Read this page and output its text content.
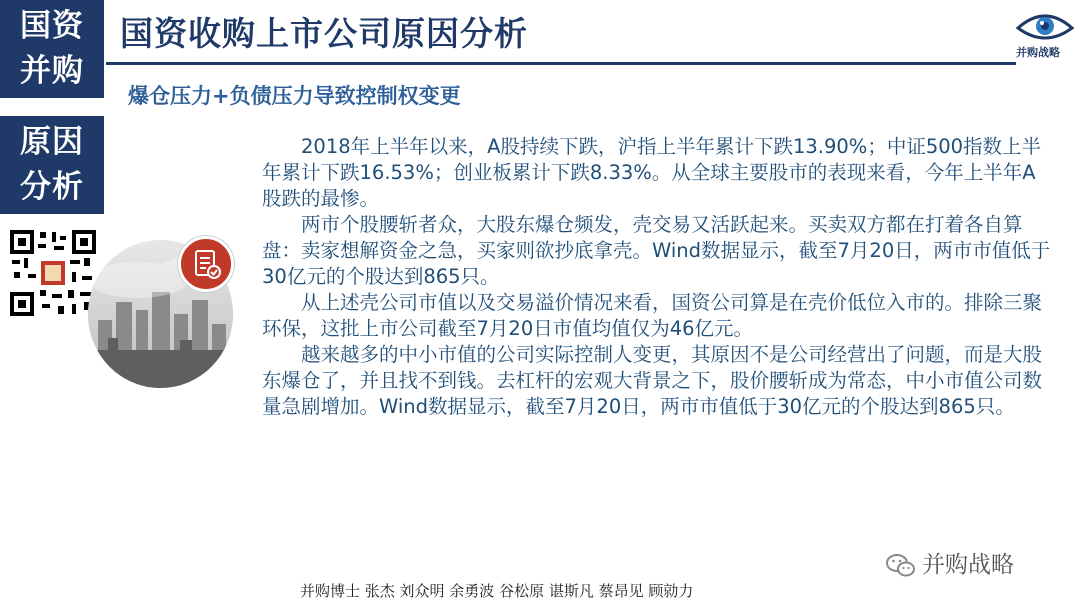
国资
并购
原因
分析
国资收购上市公司原因分析	并购战略
爆仓压力+负债压力导致控制权变更

2018年上半年以来，A股持续下跌，沪指上半年累计下跌13.90%；中证500指数上半年累计下跌16.53%；创业板累计下跌8.33%。从全球主要股市的表现来看，今年上半年A股跌的最惨。

两市个股腰斩者众，大股东爆仓频发，壳交易又活跃起来。买卖双方都在打着各自算盘：卖家想解资金之急，买家则欲抄底拿壳。Wind数据显示，截至7月20日，两市市值低于30亿元的个股达到865只。

从上述壳公司市值以及交易溢价情况来看，国资公司算是在壳价低位入市的。排除三聚环保，这批上市公司截至7月20日市值均值仅为46亿元。

越来越多的中小市值的公司实际控制人变更，其原因不是公司经营出了问题，而是大股东爆仓了，并且找不到钱。去杠杆的宏观大背景之下，股价腰斩成为常态，中小市值公司数量急剧增加。Wind数据显示，截至7月20日，两市市值低于30亿元的个股达到865只。

并购战略
并购博士 张杰 刘众明 余勇波 谷松原 谌斯凡 蔡昂见 顾勍力
